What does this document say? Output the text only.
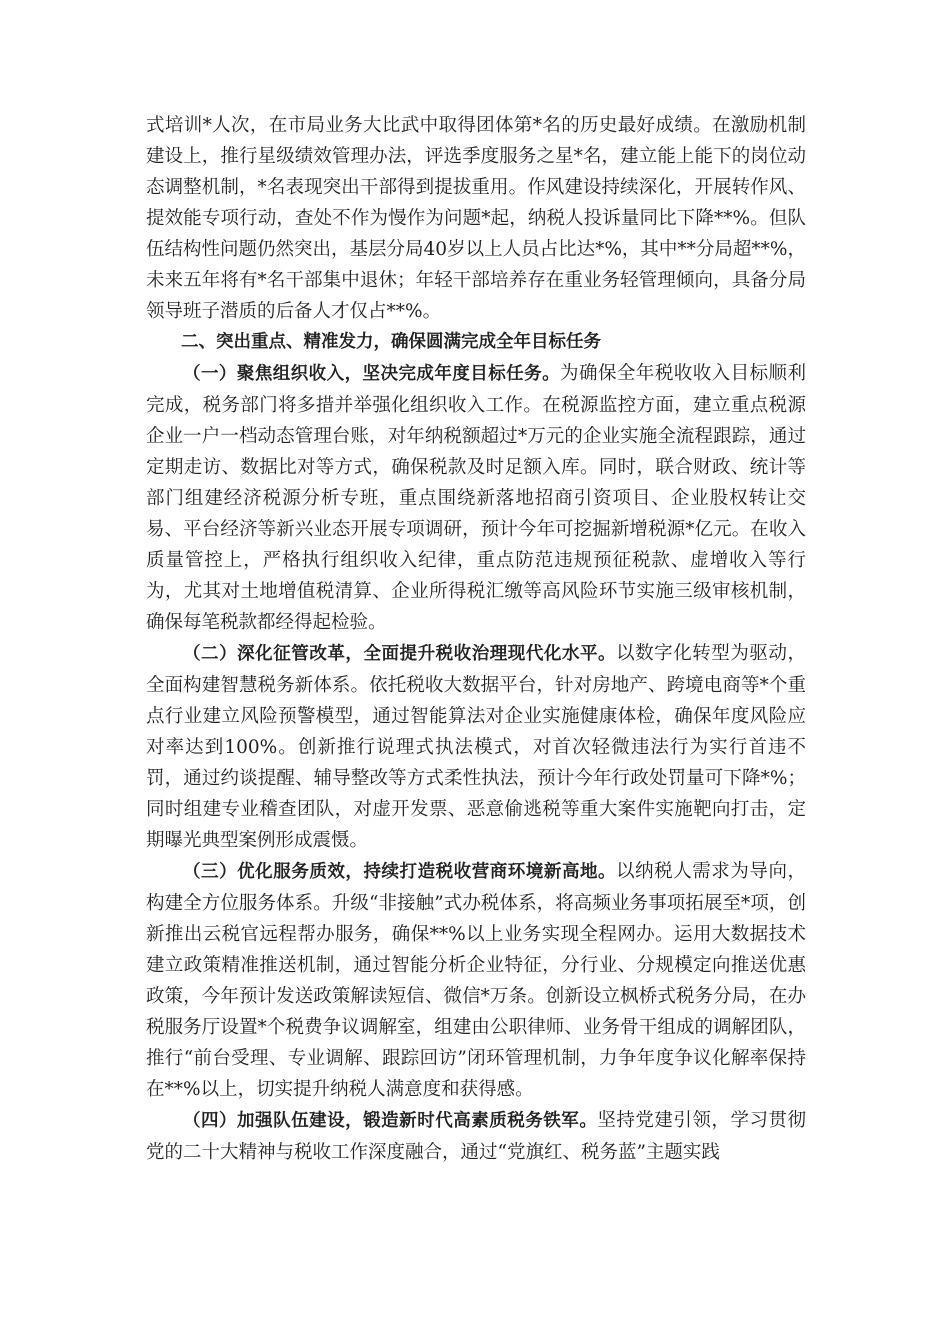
式培训*人次，在市局业务大比武中取得团体第*名的历史最好成绩。在激励机制建设上，推行星级绩效管理办法，评选季度服务之星*名，建立能上能下的岗位动态调整机制，*名表现突出干部得到提拔重用。作风建设持续深化，开展转作风、提效能专项行动，查处不作为慢作为问题*起，纳税人投诉量同比下降**%。但队伍结构性问题仍然突出，基层分局40岁以上人员占比达*%，其中**分局超**%，未来五年将有*名干部集中退休；年轻干部培养存在重业务轻管理倾向，具备分局领导班子潜质的后备人才仅占**%。

二、突出重点、精准发力，确保圆满完成全年目标任务

（一）聚焦组织收入，坚决完成年度目标任务。为确保全年税收收入目标顺利完成，税务部门将多措并举强化组织收入工作。在税源监控方面，建立重点税源企业一户一档动态管理台账，对年纳税额超过*万元的企业实施全流程跟踪，通过定期走访、数据比对等方式，确保税款及时足额入库。同时，联合财政、统计等部门组建经济税源分析专班，重点围绕新落地招商引资项目、企业股权转让交易、平台经济等新兴业态开展专项调研，预计今年可挖掘新增税源*亿元。在收入质量管控上，严格执行组织收入纪律，重点防范违规预征税款、虚增收入等行为，尤其对土地增值税清算、企业所得税汇缴等高风险环节实施三级审核机制，确保每笔税款都经得起检验。

（二）深化征管改革，全面提升税收治理现代化水平。以数字化转型为驱动，全面构建智慧税务新体系。依托税收大数据平台，针对房地产、跨境电商等*个重点行业建立风险预警模型，通过智能算法对企业实施健康体检，确保年度风险应对率达到100%。创新推行说理式执法模式，对首次轻微违法行为实行首违不罚，通过约谈提醒、辅导整改等方式柔性执法，预计今年行政处罚量可下降*%；同时组建专业稽查团队，对虚开发票、恶意偷逃税等重大案件实施靶向打击，定期曝光典型案例形成震慑。

（三）优化服务质效，持续打造税收营商环境新高地。以纳税人需求为导向，构建全方位服务体系。升级“非接触”式办税体系，将高频业务事项拓展至*项，创新推出云税官远程帮办服务，确保**%以上业务实现全程网办。运用大数据技术建立政策精准推送机制，通过智能分析企业特征，分行业、分规模定向推送优惠政策，今年预计发送政策解读短信、微信*万条。创新设立枫桥式税务分局，在办税服务厅设置*个税费争议调解室，组建由公职律师、业务骨干组成的调解团队，推行“前台受理、专业调解、跟踪回访”闭环管理机制，力争年度争议化解率保持在**%以上，切实提升纳税人满意度和获得感。

（四）加强队伍建设，锻造新时代高素质税务铁军。坚持党建引领，学习贯彻党的二十大精神与税收工作深度融合，通过“党旗红、税务蓝”主题实践
